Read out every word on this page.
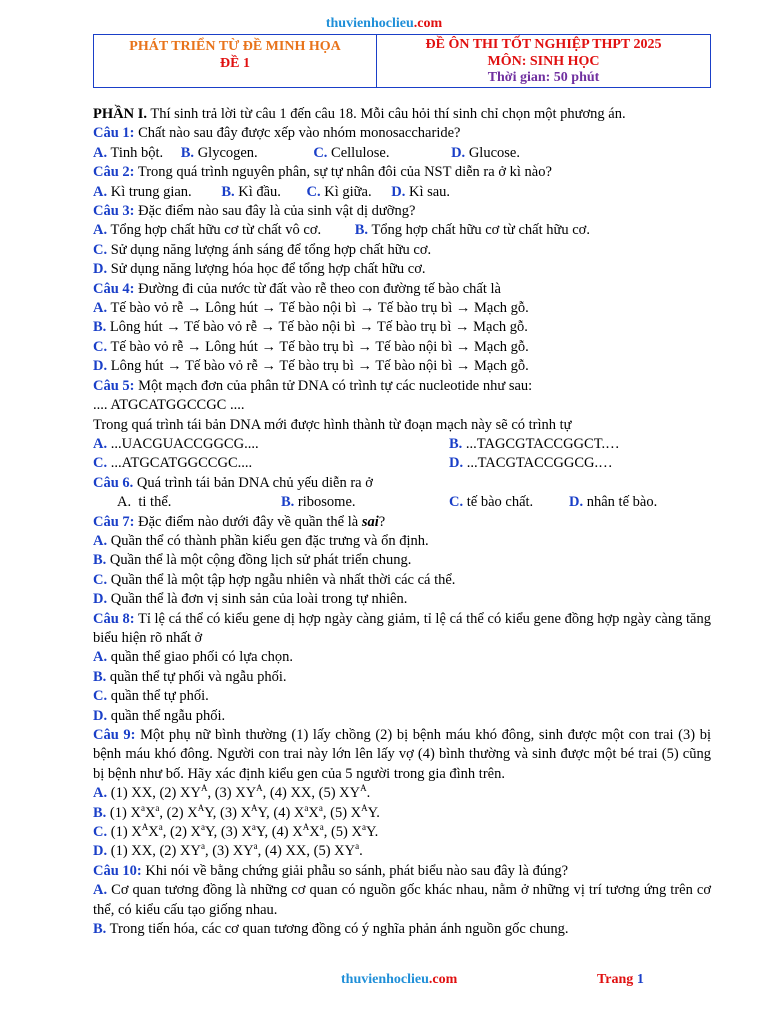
thuvienhoclieu.com
PHÁT TRIỂN TỪ ĐỀ MINH HỌA
ĐỀ 1
ĐỀ ÔN THI TỐT NGHIỆP THPT 2025
MÔN: SINH HỌC
Thời gian: 50 phút

PHẦN I. Thí sinh trả lời từ câu 1 đến câu 18. Mỗi câu hỏi thí sinh chỉ chọn một phương án.

Câu 1: Chất nào sau đây được xếp vào nhóm monosaccharide?

A. Tinh bột. B. Glycogen.	C. Cellulose.	D. Glucose.

Câu 2: Trong quá trình nguyên phân, sự tự nhân đôi của NST diễn ra ở kì nào?

A. Kì trung gian. B. Kì đầu. C. Kì giữa. D. Kì sau.

Câu 3: Đặc điểm nào sau đây là của sinh vật dị dưỡng?

A. Tổng hợp chất hữu cơ từ chất vô cơ. B. Tổng hợp chất hữu cơ từ chất hữu cơ.

C. Sử dụng năng lượng ánh sáng để tổng hợp chất hữu cơ.

D. Sử dụng năng lượng hóa học để tổng hợp chất hữu cơ.

Câu 4: Đường đi của nước từ đất vào rễ theo con đường tế bào chất là

A. Tế bào vỏ rễ → Lông hút → Tế bào nội bì → Tế bào trụ bì → Mạch gỗ.

B. Lông hút → Tế bào vỏ rễ → Tế bào nội bì → Tế bào trụ bì → Mạch gỗ.

C. Tế bào vỏ rễ → Lông hút → Tế bào trụ bì → Tế bào nội bì → Mạch gỗ.

D. Lông hút → Tế bào vỏ rễ → Tế bào trụ bì → Tế bào nội bì → Mạch gỗ.

Câu 5: Một mạch đơn của phân tử DNA có trình tự các nucleotide như sau:

.... ATGCATGGCCGC ....

Trong quá trình tái bản DNA mới được hình thành từ đoạn mạch này sẽ có trình tự

A. ...UACGUACCGGCG....	B. ...TAGCGTACCGGCT.…
C. ...ATGCATGGCCGC....	D. ...TACGTACCGGCG.…

Câu 6. Quá trình tái bản DNA chủ yếu diễn ra ở

A. ti thể.	B. ribosome.	C. tế bào chất. D. nhân tế bào.

Câu 7: Đặc điểm nào dưới đây về quần thể là sai?

A. Quần thể có thành phần kiểu gen đặc trưng và ổn định.

B. Quần thể là một cộng đồng lịch sử phát triển chung.

C. Quần thể là một tập hợp ngẫu nhiên và nhất thời các cá thể.

D. Quần thể là đơn vị sinh sản của loài trong tự nhiên.

Câu 8: Tỉ lệ cá thể có kiểu gene dị hợp ngày càng giảm, tỉ lệ cá thể có kiểu gene đồng hợp ngày càng tăng biểu hiện rõ nhất ở

A. quần thể giao phối có lựa chọn.

B. quần thể tự phối và ngẫu phối.

C. quần thể tự phối.

D. quần thể ngẫu phối.

Câu 9: Một phụ nữ bình thường (1) lấy chồng (2) bị bệnh máu khó đông, sinh được một con trai (3) bị bệnh máu khó đông. Người con trai này lớn lên lấy vợ (4) bình thường và sinh được một bé trai (5) cũng bị bệnh như bố. Hãy xác định kiểu gen của 5 người trong gia đình trên.

A. (1) XX, (2) $XY^A$, (3) $XY^A$, (4) XX, (5) $XY^A$.

B. (1) $X^aX^a$, (2) $X^AY$, (3) $X^AY$, (4) $X^aX^a$, (5) $X^AY$.

C. (1) $X^AX^a$, (2) $X^aY$, (3) $X^aY$, (4) $X^AX^a$, (5) $X^aY$.

D. (1) XX, (2) $XY^a$, (3) $XY^a$, (4) XX, (5) $XY^a$.

Câu 10: Khi nói về bằng chứng giải phẫu so sánh, phát biểu nào sau đây là đúng?

A. Cơ quan tương đồng là những cơ quan có nguồn gốc khác nhau, nằm ở những vị trí tương ứng trên cơ thể, có kiểu cấu tạo giống nhau.

B. Trong tiến hóa, các cơ quan tương đồng có ý nghĩa phản ánh nguồn gốc chung.

thuvienhoclieu.com	Trang 1
